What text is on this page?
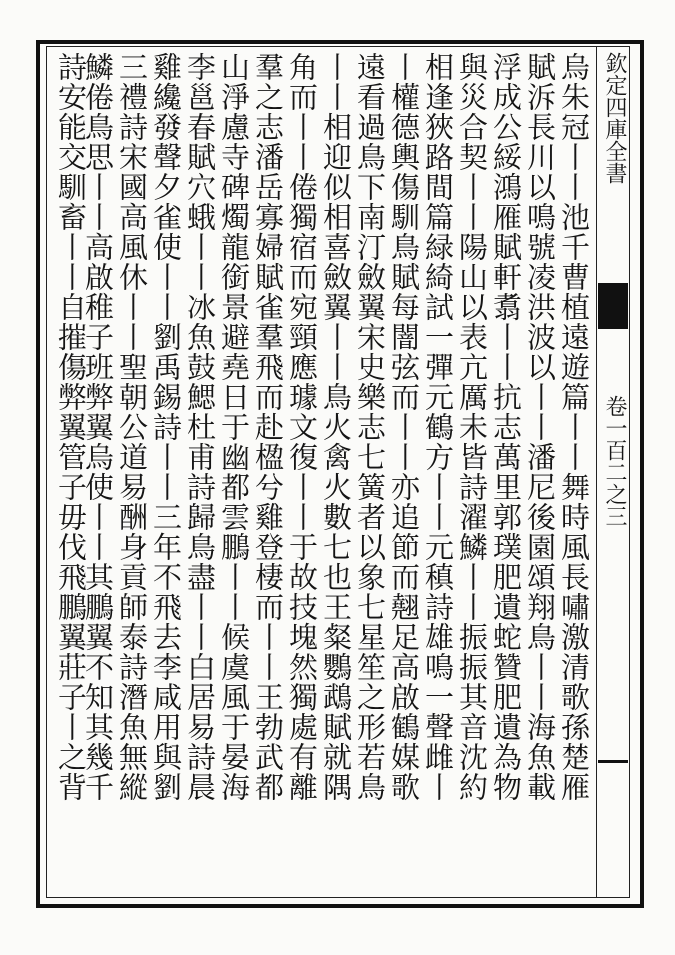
欽定四庫全書
卷一百二之三
烏朱冠丨丨池千曹植遠遊篇丨丨舞時風長嘯激清歌孫楚雁
賦泝長川以鳴號凌洪波以丨丨潘尼後園頌翔鳥丨丨海魚載
浮成公綏鴻雁賦軒翥丨丨抗志萬里郭璞肥遺蛇贊肥遺為物
與災合契丨丨陽山以表亢厲未皆詩濯鱗丨丨振振其音沈約
相逢狹路間篇緑綺試一彈元鶴方丨丨元稹詩雄鳴一聲雌丨
丨權德輿傷馴鳥賦每闇弦而丨丨亦追節而翹足高啟鶴媒歌
遠看過鳥下南汀斂翼宋史樂志七簧者以象七星笙之形若鳥
丨丨相迎似相喜斂翼丨丨鳥火禽火數七也王粲鸚鵡賦就隅
角而丨丨倦獨宿而宛頸應璩文復丨丨于故技塊然獨處有離
羣之志潘岳寡婦賦雀羣飛而赴楹兮雞登棲而丨丨王勃武都
山淨慮寺碑燭龍銜景避堯日于幽都雲鵬丨丨候虞風于晏海
李邕春賦穴蛾丨丨冰魚鼓鰓杜甫詩歸鳥盡丨丨白居易詩晨
雞纔發聲夕雀使丨丨劉禹錫詩丨丨三年不飛去李咸用與劉
三禮詩宋國高風休丨丨聖朝公道易酬身貢師泰詩潛魚無縱
鱗倦鳥思丨丨高啟稚子班弊翼烏使丨丨其鵬翼不知其幾千
詩安能交馴畜丨丨自摧傷弊翼管子毋伐飛鵬翼莊子丨之背
